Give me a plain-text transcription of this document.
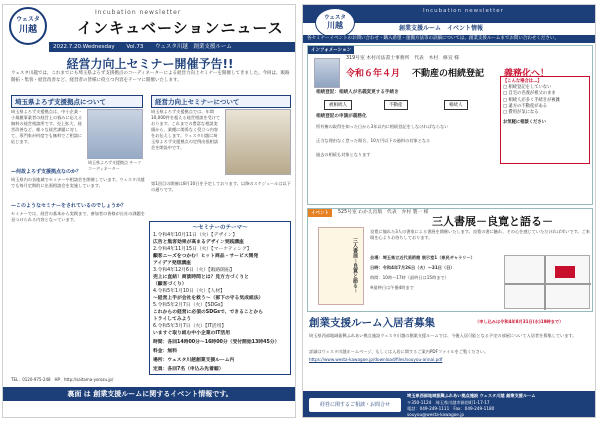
ウェスタ
川越
Incubation newsletter
インキュベーションニュース
2022.7.20.Wednesday Vol.73 ウェスタ川越　創業支援ルーム
経営力向上セミナー開催予告!!
ウェスタ川越では、これまでにも埼玉県よろず支援拠点のコーディネーターによる経営力向上セミナーを開催してきました。今回は、販路開拓・集客・経営改善など、経営者の皆様に役立つ内容をテーマに開催いたします。
埼玉県よろず支援拠点について
埼玉県よろず支援拠点は、中小企業・小規模事業者の経営上の悩みに応える無料の経営相談所です。売上拡大、経営改善など、様々な経営課題に対して、専門家が何度でも無料でご相談に応じます。
埼玉県よろず支援拠点 チーフコーディネーター
—何故よろず支援拠点なのか？
埼玉県内の各地域でセミナーや相談会を開催しています。ウェスタ川越でも毎月定期的に出張相談会を実施しています。
—このようなセミナーをされているのでしょうか？
セミナーでは、経営の基本から実践まで、参加者の皆様が自社の課題を見つけられる内容となっています。
経営力向上セミナーについて
埼玉県よろず支援拠点では、年間10,000件を超える経営相談を受けております。これまでの豊富な相談実績から、業種に関係なく役立つ内容をお伝えします。ウェスタ川越に埼玉県よろず支援拠点の定例出張相談会を開設中です。
第1回目の開催は8月10日を予定しております。以降のスケジュールは以下の通りです。
～セミナーのテーマ～
1.令和4年10月11日（火）【デザイン】
広告と集客効果が高まるデザイン実践講座
2.令和4年11月15日（火）【マーケティング】
顧客ニーズをつかむ！ヒット商品・サービス開発
アイデア発想講座
3.令和4年12月6日（火）【販路開拓】
売上に直結！商談時間とは？見方力づくりと
（顧客づくり）
4.令和5年1月10日（火）【人材】
～経営上手が会社を救う～（部下の守る気成組法）
5.令和5年2月7日（火）【SDGs】
これからの経営に必須のSDGsで、できることから
トライしてみよう
6.令和5年3月7日（火）【IT活用】
いますぐ取り組む中小企業のIT活用
時間：各回14時00分～16時00分（受付開始13時45分）
料金：無料
場所：ウェスタ川越創業支援ルーム内
定員：各回7名（申込み先着順）
TEL：0120-975-248　HP：http://saitama-yorozu.jp/
裏面 は 創業支援ルームに関するイベント情報です。
Incubation newsletter
ウェスタ
川越	創業支援ルーム　イベント情報
各セミナーイベントのお問い合わせ・購入希望・運搬方法等の詳細については、創業支援ルームまでお問い合わせください。
インフォメーション
319号室 木村司法書士事務所　代表　木村　修宣 様
令和６年４月 不動産の相続登記 義務化へ！
相続登記：相続人が名義変更する手続き
被相続人	不動産	相続人
相続登記の申請が義務化
所有権の取得を知った日から3年以内に相続登記をしなければならない
正当な理由なく怠った場合、10万円以下の過料の対象となる
過去の相続も対象となります
【こんな場合は…】
□ 相続登記をしていない
□ 自宅の名義が祖父のまま
□ 相続人が多く手続きが複雑
□ 遠方の不動産がある
□ 費用が気になる
お気軽に相談ください
イベント	525号室 わかえ出版　代表　弁村 製一 様
三人書展－良寛と語る－
三人書展－良寛と語る－
良寛に憧れた3人の書家による書展を開催いたします。良寛の書に触れ、その心を感じていただければ幸いです。ご来場を心よりお待ちしております。
会場：埼玉県立近代美術館 展示室1（県民ギャラリー）
日時：令和4年7月26日（火）～31日（日）
時間：10時～17時（最終日は15時まで）
※最終日は午後4時まで
創業支援ルーム入居者募集	（申し込みは令和4年8月31日(水)19時まで）
埼玉県西部地域振興ふれあい拠点施設ウェスタ川越の創業支援ルームでは、今後入居可能となる予定の部屋について入居者を募集しています。
詳細はウェスタ川越ホームページ、もしくは入居に関するご案内PDFファイルをご覧ください。
https://www.westa-kawagoe.jp/download/files/souyou-annai.pdf
経営に関するご相談・お問合せ
埼玉県西部地域振興ふれあい拠点施設 ウェスタ川越 創業支援ルーム
〒350-1124　埼玉県川越市新宿町1-17-17
電話：049-249-1111　Fax：049-249-1180
souyou@westa-kawagoe.jp
